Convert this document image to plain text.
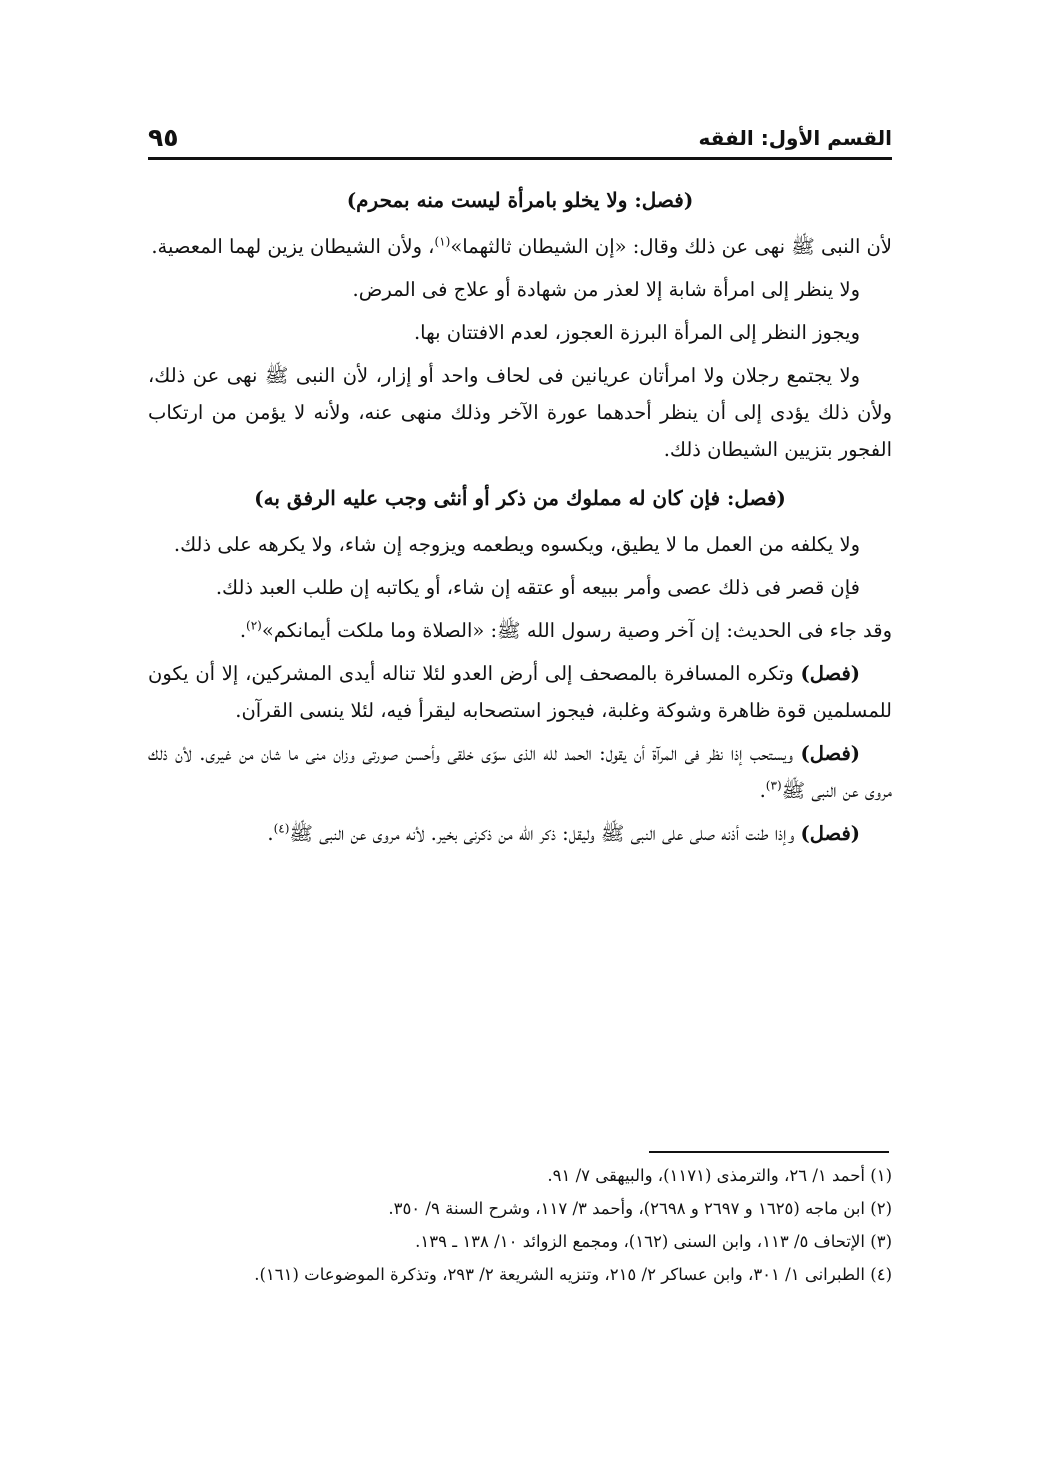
القسم الأول: الفقه
٩٥
(فصل: ولا يخلو بامرأة ليست منه بمحرم)

لأن النبى ﷺ نهى عن ذلك وقال: «إن الشيطان ثالثهما»$^{(١)}$، ولأن الشيطان يزين لهما المعصية.

ولا ينظر إلى امرأة شابة إلا لعذر من شهادة أو علاج فى المرض.

ويجوز النظر إلى المرأة البرزة العجوز، لعدم الافتتان بها.

ولا يجتمع رجلان ولا امرأتان عريانين فى لحاف واحد أو إزار، لأن النبى ﷺ نهى عن ذلك، ولأن ذلك يؤدى إلى أن ينظر أحدهما عورة الآخر وذلك منهى عنه، ولأنه لا يؤمن من ارتكاب الفجور بتزيين الشيطان ذلك.

(فصل: فإن كان له مملوك من ذكر أو أنثى وجب عليه الرفق به)

ولا يكلفه من العمل ما لا يطيق، ويكسوه ويطعمه ويزوجه إن شاء، ولا يكرهه على ذلك.

فإن قصر فى ذلك عصى وأمر ببيعه أو عتقه إن شاء، أو يكاتبه إن طلب العبد ذلك.

وقد جاء فى الحديث: إن آخر وصية رسول الله ﷺ: «الصلاة وما ملكت أيمانكم»$^{(٢)}$.

(فصل) وتكره المسافرة بالمصحف إلى أرض العدو لئلا تناله أيدى المشركين، إلا أن يكون للمسلمين قوة ظاهرة وشوكة وغلبة، فيجوز استصحابه ليقرأ فيه، لئلا ينسى القرآن.

(فصل) ويستحب إذا نظر فى المرآة أن يقول: الحمد لله الذى سوّى خلقى وأحسن صورتى وزان منى ما شان من غيرى. لأن ذلك مروى عن النبى ﷺ$^{(٣)}$.

(فصل) وإذا طنت أذنه صلى على النبى ﷺ وليقل: ذكر الله من ذكرنى بخير. لأنه مروى عن النبى ﷺ$^{(٤)}$.

(١) أحمد ١/ ٢٦، والترمذى (١١٧١)، والبيهقى ٧/ ٩١.
(٢) ابن ماجه (١٦٢٥ و ٢٦٩٧ و ٢٦٩٨)، وأحمد ٣/ ١١٧، وشرح السنة ٩/ ٣٥٠.
(٣) الإتحاف ٥/ ١١٣، وابن السنى (١٦٢)، ومجمع الزوائد ١٠/ ١٣٨ ـ ١٣٩.
(٤) الطبرانى ١/ ٣٠١، وابن عساكر ٢/ ٢١٥، وتنزيه الشريعة ٢/ ٢٩٣، وتذكرة الموضوعات (١٦١).
